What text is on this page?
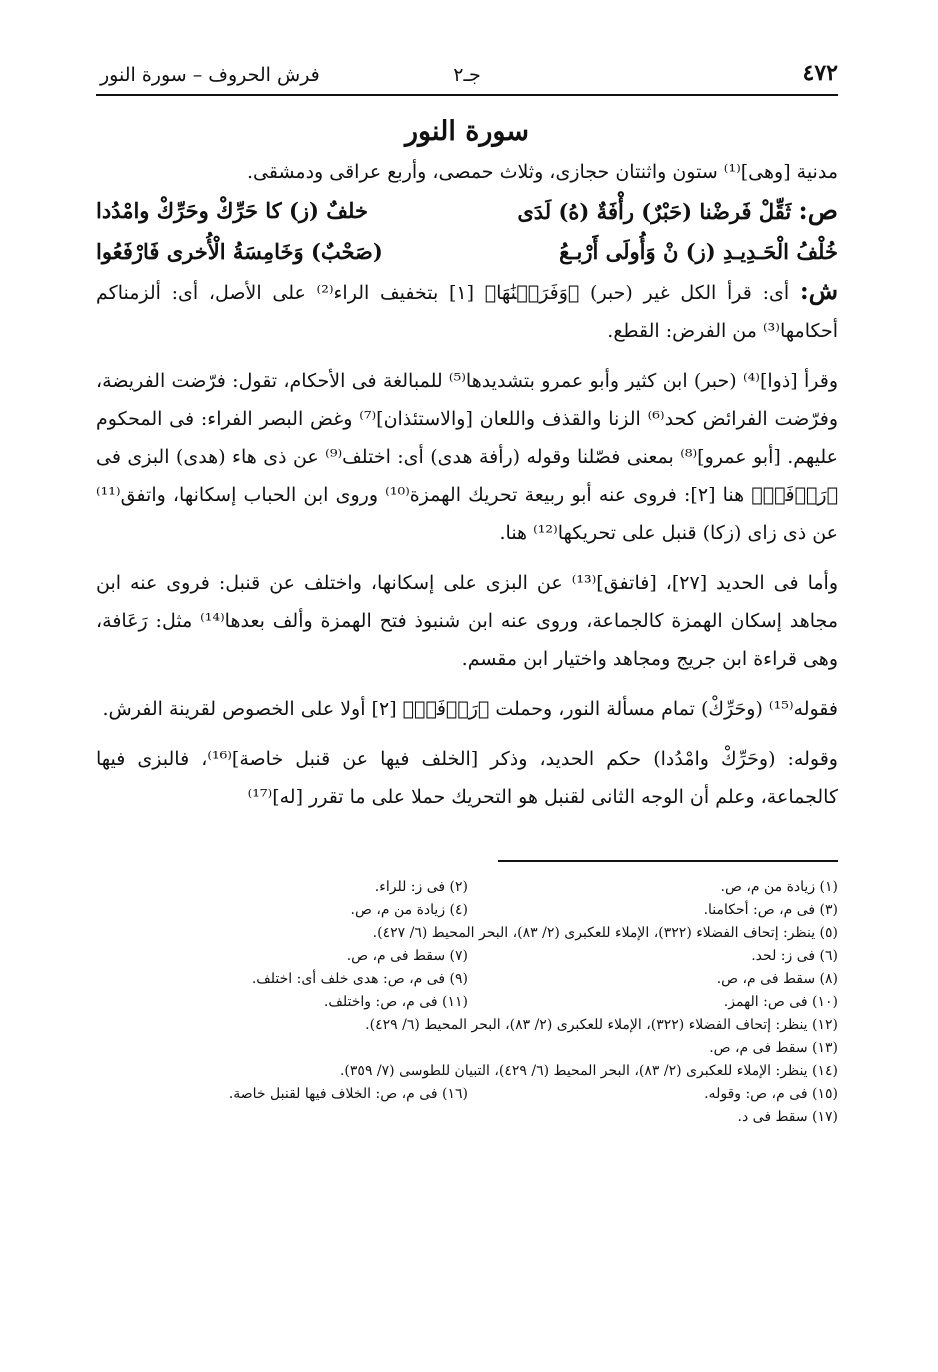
٤٧٢
جـ٢
فرش الحروف – سورة النور
سورة النور

مدنية [وهى]⁽¹⁾ ستون واثنتان حجازى، وثلاث حمصى، وأربع عراقى ودمشقى.

ص: ثَقِّلْ فَرضْنا (حَبْرٌ) رأْفَةٌ (هُ) لَدَى
خلفٌ (ز) كا حَرِّكْ وحَرِّكْ وامْدُدا
خُلْفُ الْحَـدِيـدِ (ز) نْ وَأُولَى أَرْبـعُ
(صَحْبٌ) وَخَامِسَةُ الْأُخرى فَارْفَعُوا

ش: أى: قرأ الكل غير (حبر) ﴿وَفَرَضۡنَٰهَا﴾ [١] بتخفيف الراء⁽²⁾ على الأصل، أى: ألزمناكم أحكامها⁽³⁾ من الفرض: القطع.

وقرأ [ذوا]⁽⁴⁾ (حبر) ابن كثير وأبو عمرو بتشديدها⁽⁵⁾ للمبالغة فى الأحكام، تقول: فرّضت الفريضة، وفرّضت الفرائض كحد⁽⁶⁾ الزنا والقذف واللعان [والاستئذان]⁽⁷⁾ وغض البصر الفراء: فى المحكوم عليهم. [أبو عمرو]⁽⁸⁾ بمعنى فصّلنا وقوله (رأفة هدى) أى: اختلف⁽⁹⁾ عن ذى هاء (هدى) البزى فى ﴿رَأۡفَةٞ﴾ هنا [٢]: فروى عنه أبو ربيعة تحريك الهمزة⁽¹⁰⁾ وروى ابن الحباب إسكانها، واتفق⁽¹¹⁾ عن ذى زاى (زكا) قنبل على تحريكها⁽¹²⁾ هنا.

وأما فى الحديد [٢٧]، [فاتفق]⁽¹³⁾ عن البزى على إسكانها، واختلف عن قنبل: فروى عنه ابن مجاهد إسكان الهمزة كالجماعة، وروى عنه ابن شنبوذ فتح الهمزة وألف بعدها⁽¹⁴⁾ مثل: رَعَافة، وهى قراءة ابن جريج ومجاهد واختيار ابن مقسم.

فقوله⁽¹⁵⁾ (وحَرِّكْ) تمام مسألة النور، وحملت ﴿رَأۡفَةٞ﴾ [٢] أولا على الخصوص لقرينة الفرش.

وقوله: (وحَرِّكْ وامْدُدا) حكم الحديد، وذكر [الخلف فيها عن قنبل خاصة]⁽¹⁶⁾، فالبزى فيها كالجماعة، وعلم أن الوجه الثانى لقنبل هو التحريك حملا على ما تقرر [له]⁽¹⁷⁾

(١) زيادة من م، ص.
(٢) فى ز: للراء.
(٣) فى م، ص: أحكامنا.
(٤) زيادة من م، ص.
(٥) ينظر: إتحاف الفضلاء (٣٢٢)، الإملاء للعكبرى (٢/ ٨٣)، البحر المحيط (٦/ ٤٢٧).
(٦) فى ز: لحد.
(٧) سقط فى م، ص.
(٨) سقط فى م، ص.
(٩) فى م، ص: هدى خلف أى: اختلف.
(١٠) فى ص: الهمز.
(١١) فى م، ص: واختلف.
(١٢) ينظر: إتحاف الفضلاء (٣٢٢)، الإملاء للعكبرى (٢/ ٨٣)، البحر المحيط (٦/ ٤٢٩).
(١٣) سقط فى م، ص.
(١٤) ينظر: الإملاء للعكبرى (٢/ ٨٣)، البحر المحيط (٦/ ٤٢٩)، التبيان للطوسى (٧/ ٣٥٩).
(١٥) فى م، ص: وقوله.
(١٦) فى م، ص: الخلاف فيها لقنبل خاصة.
(١٧) سقط فى د.
